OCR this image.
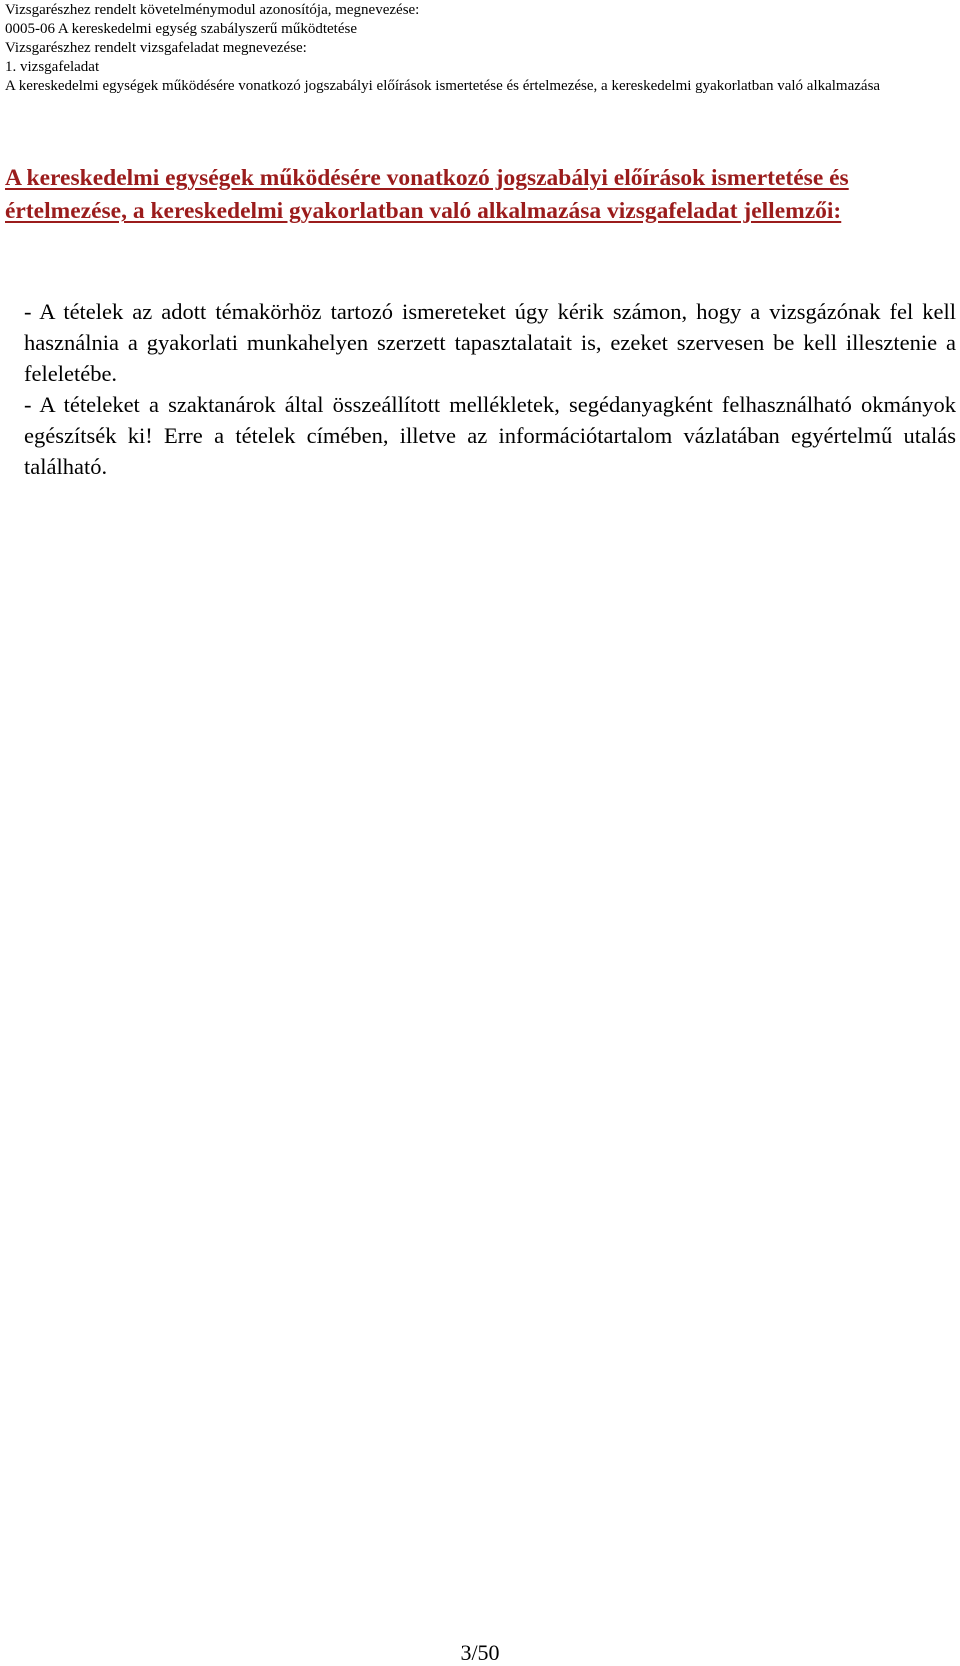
Vizsgarészhez rendelt követelménymodul azonosítója, megnevezése:
0005-06 A kereskedelmi egység szabályszerű működtetése
Vizsgarészhez rendelt vizsgafeladat megnevezése:
1. vizsgafeladat
A kereskedelmi egységek működésére vonatkozó jogszabályi előírások ismertetése és értelmezése, a kereskedelmi gyakorlatban való alkalmazása
A kereskedelmi egységek működésére vonatkozó jogszabályi előírások ismertetése és értelmezése, a kereskedelmi gyakorlatban való alkalmazása vizsgafeladat jellemzői:

- A tételek az adott témakörhöz tartozó ismereteket úgy kérik számon, hogy a vizsgázónak fel kell használnia a gyakorlati munkahelyen szerzett tapasztalatait is, ezeket szervesen be kell illesztenie a feleletébe.

- A tételeket a szaktanárok által összeállított mellékletek, segédanyagként felhasználható okmányok egészítsék ki! Erre a tételek címében, illetve az információtartalom vázlatában egyértelmű utalás található.

3/50
